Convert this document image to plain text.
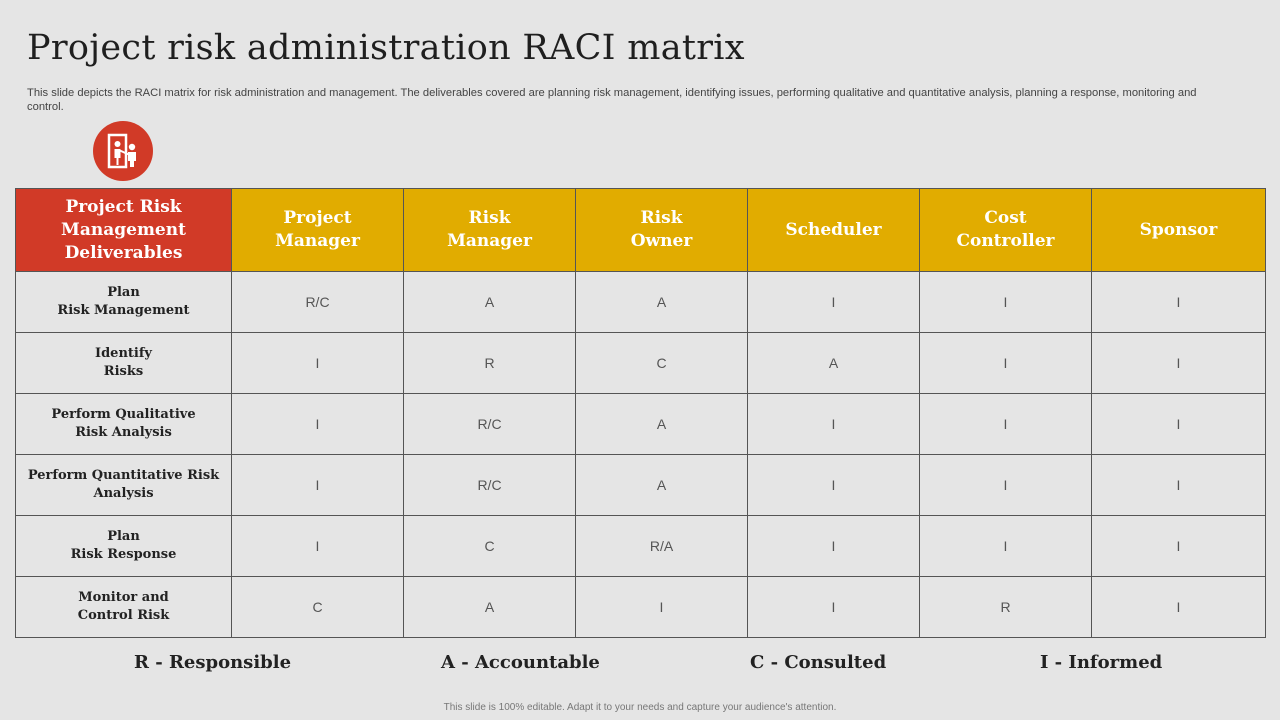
Project risk administration RACI matrix
This slide depicts the RACI matrix for risk administration and management. The deliverables covered are planning risk management, identifying issues, performing qualitative and quantitative analysis, planning a response, monitoring and control.
Project Risk
Management
Deliverables	Project
Manager	Risk
Manager	Risk
Owner	Scheduler	Cost
Controller	Sponsor
Plan
Risk Management	R/C	A	A	I	I	I
Identify
Risks	I	R	C	A	I	I
Perform Qualitative
Risk Analysis	I	R/C	A	I	I	I
Perform Quantitative Risk
Analysis	I	R/C	A	I	I	I
Plan
Risk Response	I	C	R/A	I	I	I
Monitor and
Control Risk	C	A	I	I	R	I
R - Responsible	A - Accountable	C - Consulted	I - Informed
This slide is 100% editable. Adapt it to your needs and capture your audience's attention.
